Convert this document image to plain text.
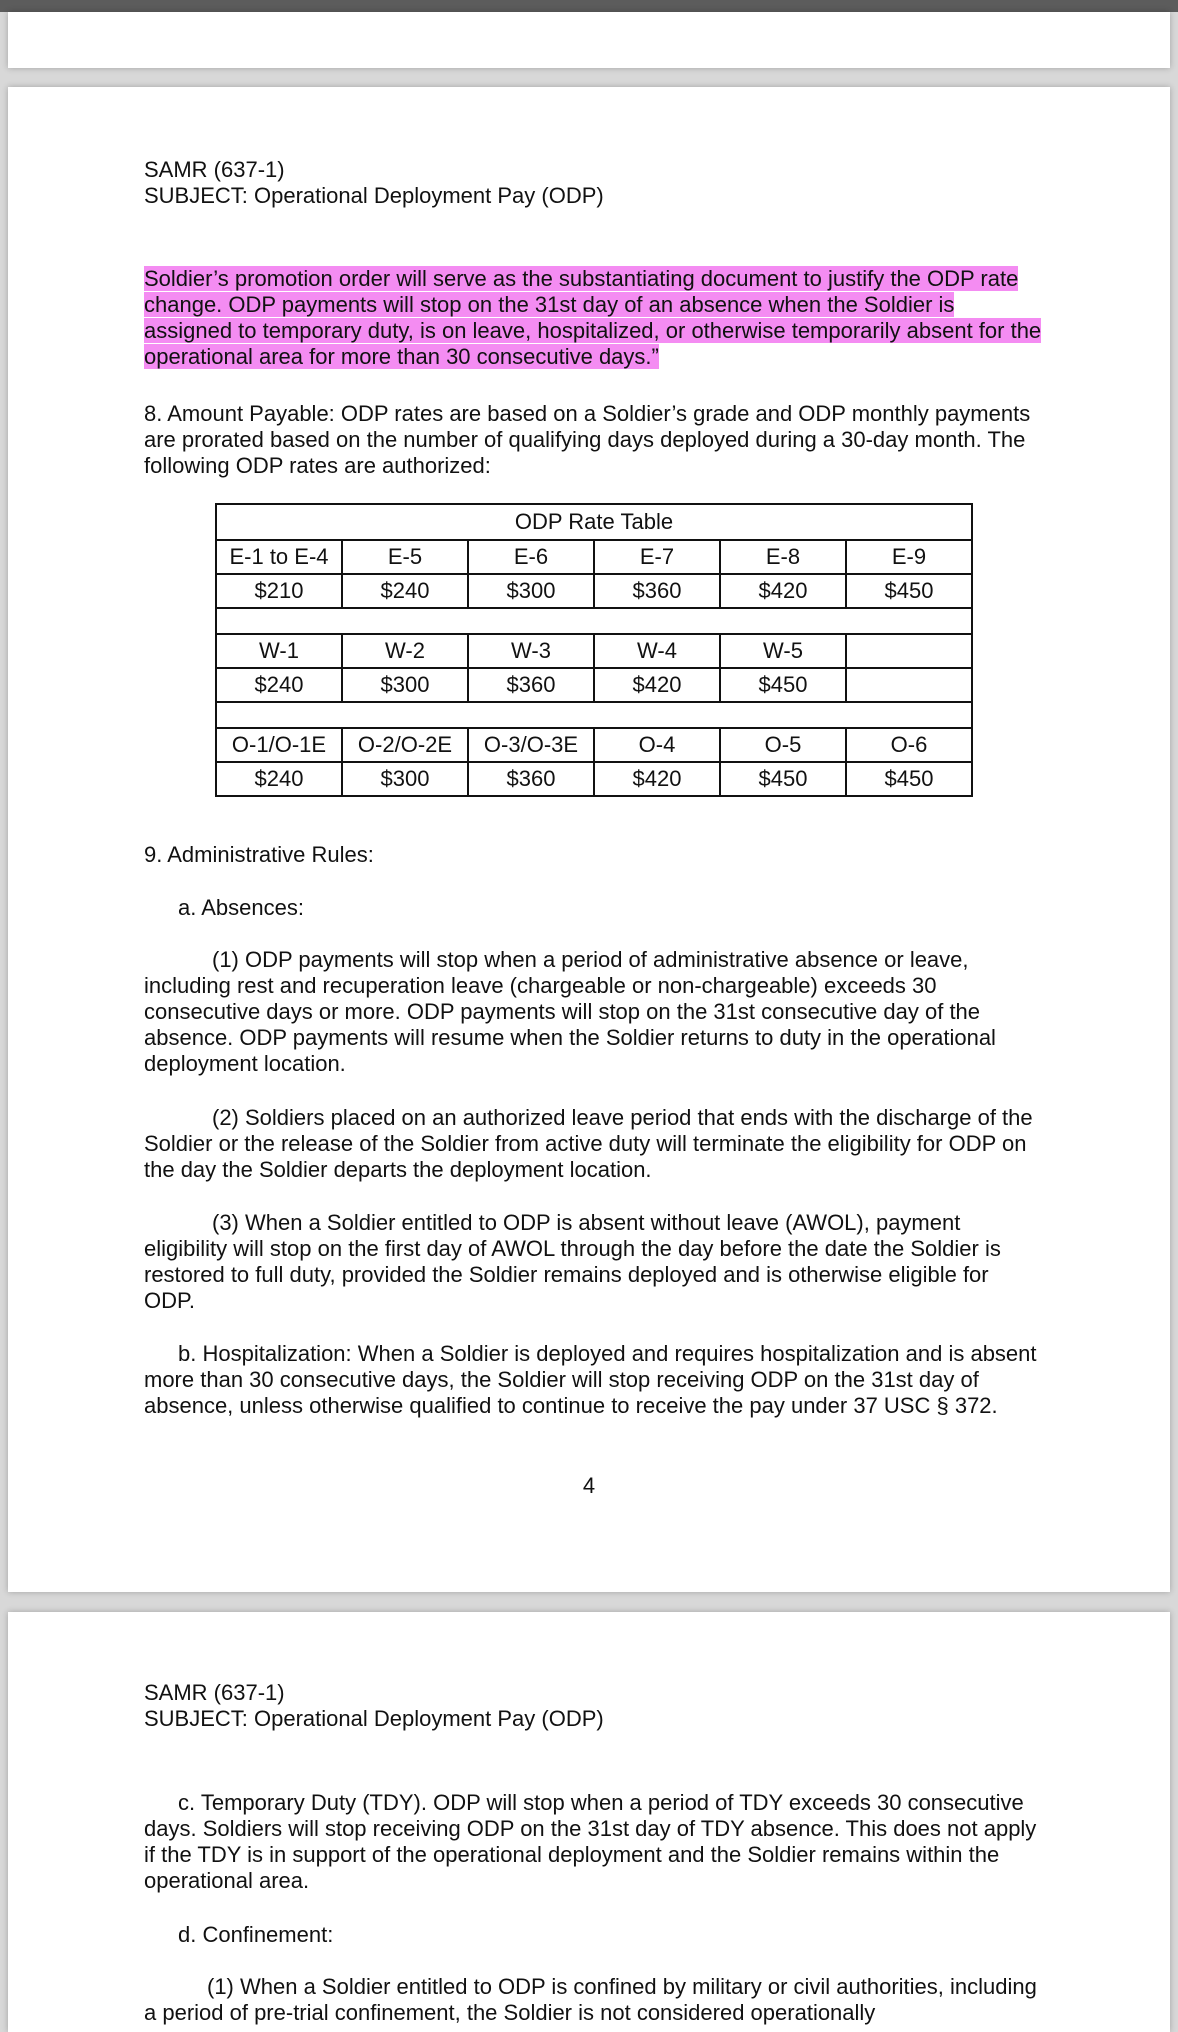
SAMR (637-1)

SUBJECT: Operational Deployment Pay (ODP)

Soldier’s promotion order will serve as the substantiating document to justify the ODP rate change. ODP payments will stop on the 31st day of an absence when the Soldier is assigned to temporary duty, is on leave, hospitalized, or otherwise temporarily absent for the operational area for more than 30 consecutive days.”

8. Amount Payable: ODP rates are based on a Soldier’s grade and ODP monthly payments are prorated based on the number of qualifying days deployed during a 30-day month. The following ODP rates are authorized:

ODP Rate Table					
E-1 to E-4	E-5	E-6	E-7	E-8	E-9
$210	$240	$300	$360	$420	$450

W-1	W-2	W-3	W-4	W-5	
$240	$300	$360	$420	$450	

O-1/O-1E	O-2/O-2E	O-3/O-3E	O-4	O-5	O-6
$240	$300	$360	$420	$450	$450

9. Administrative Rules:

a. Absences:

(1) ODP payments will stop when a period of administrative absence or leave, including rest and recuperation leave (chargeable or non-chargeable) exceeds 30 consecutive days or more. ODP payments will stop on the 31st consecutive day of the absence. ODP payments will resume when the Soldier returns to duty in the operational deployment location.

(2) Soldiers placed on an authorized leave period that ends with the discharge of the Soldier or the release of the Soldier from active duty will terminate the eligibility for ODP on the day the Soldier departs the deployment location.

(3) When a Soldier entitled to ODP is absent without leave (AWOL), payment eligibility will stop on the first day of AWOL through the day before the date the Soldier is restored to full duty, provided the Soldier remains deployed and is otherwise eligible for ODP.

b. Hospitalization: When a Soldier is deployed and requires hospitalization and is absent more than 30 consecutive days, the Soldier will stop receiving ODP on the 31st day of absence, unless otherwise qualified to continue to receive the pay under 37 USC § 372.

4

SAMR (637-1)

SUBJECT: Operational Deployment Pay (ODP)

c. Temporary Duty (TDY). ODP will stop when a period of TDY exceeds 30 consecutive days. Soldiers will stop receiving ODP on the 31st day of TDY absence. This does not apply if the TDY is in support of the operational deployment and the Soldier remains within the operational area.

d. Confinement:

(1) When a Soldier entitled to ODP is confined by military or civil authorities, including a period of pre-trial confinement, the Soldier is not considered operationally
